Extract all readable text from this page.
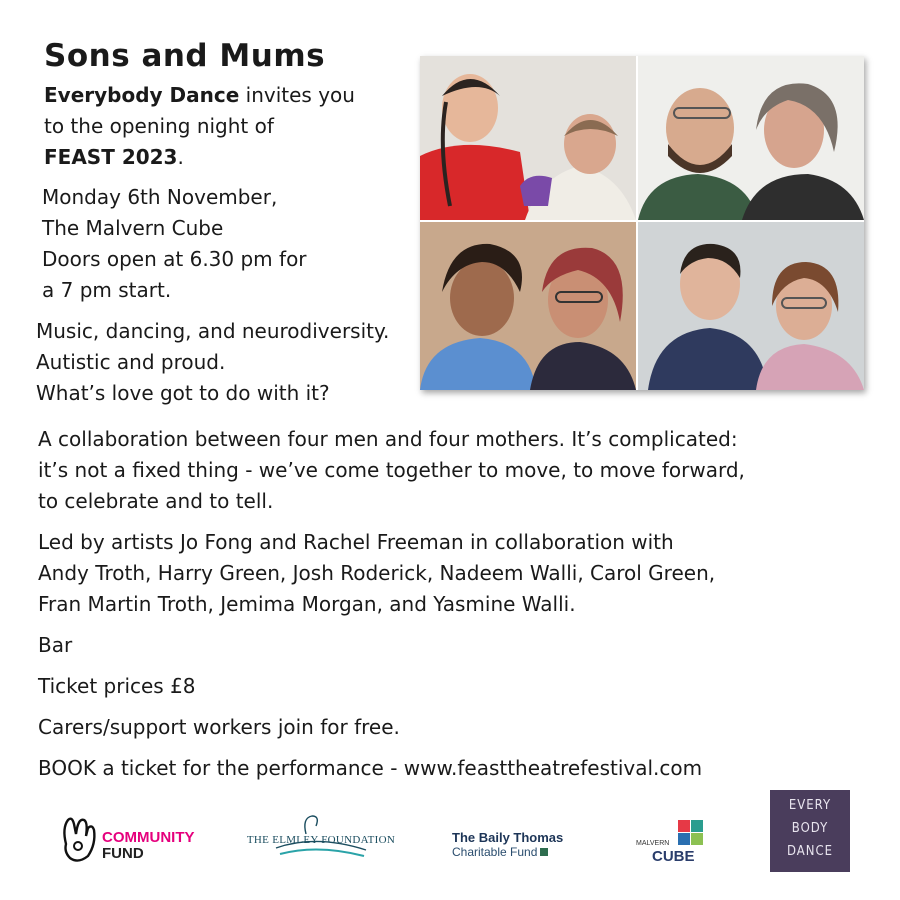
Sons and Mums
Everybody Dance invites you
to the opening night of
FEAST 2023.
Monday 6th November,
The Malvern Cube
Doors open at 6.30 pm for
a 7 pm start.
Music, dancing, and neurodiversity.
Autistic and proud.
What’s love got to do with it?
A collaboration between four men and four mothers. It’s complicated:
it’s not a fixed thing - we’ve come together to move, to move forward,
to celebrate and to tell.
Led by artists Jo Fong and Rachel Freeman in collaboration with
Andy Troth, Harry Green, Josh Roderick, Nadeem Walli, Carol Green,
Fran Martin Troth, Jemima Morgan, and Yasmine Walli.
Bar
Ticket prices £8
Carers/support workers join for free.
BOOK a ticket for the performance - www.feasttheatrefestival.com
COMMUNITY
FUND
THE ELMLEY FOUNDATION	The Baily Thomas
Charitable Fund
MALVERN
CUBE
EVERY
BODY
DANCE
